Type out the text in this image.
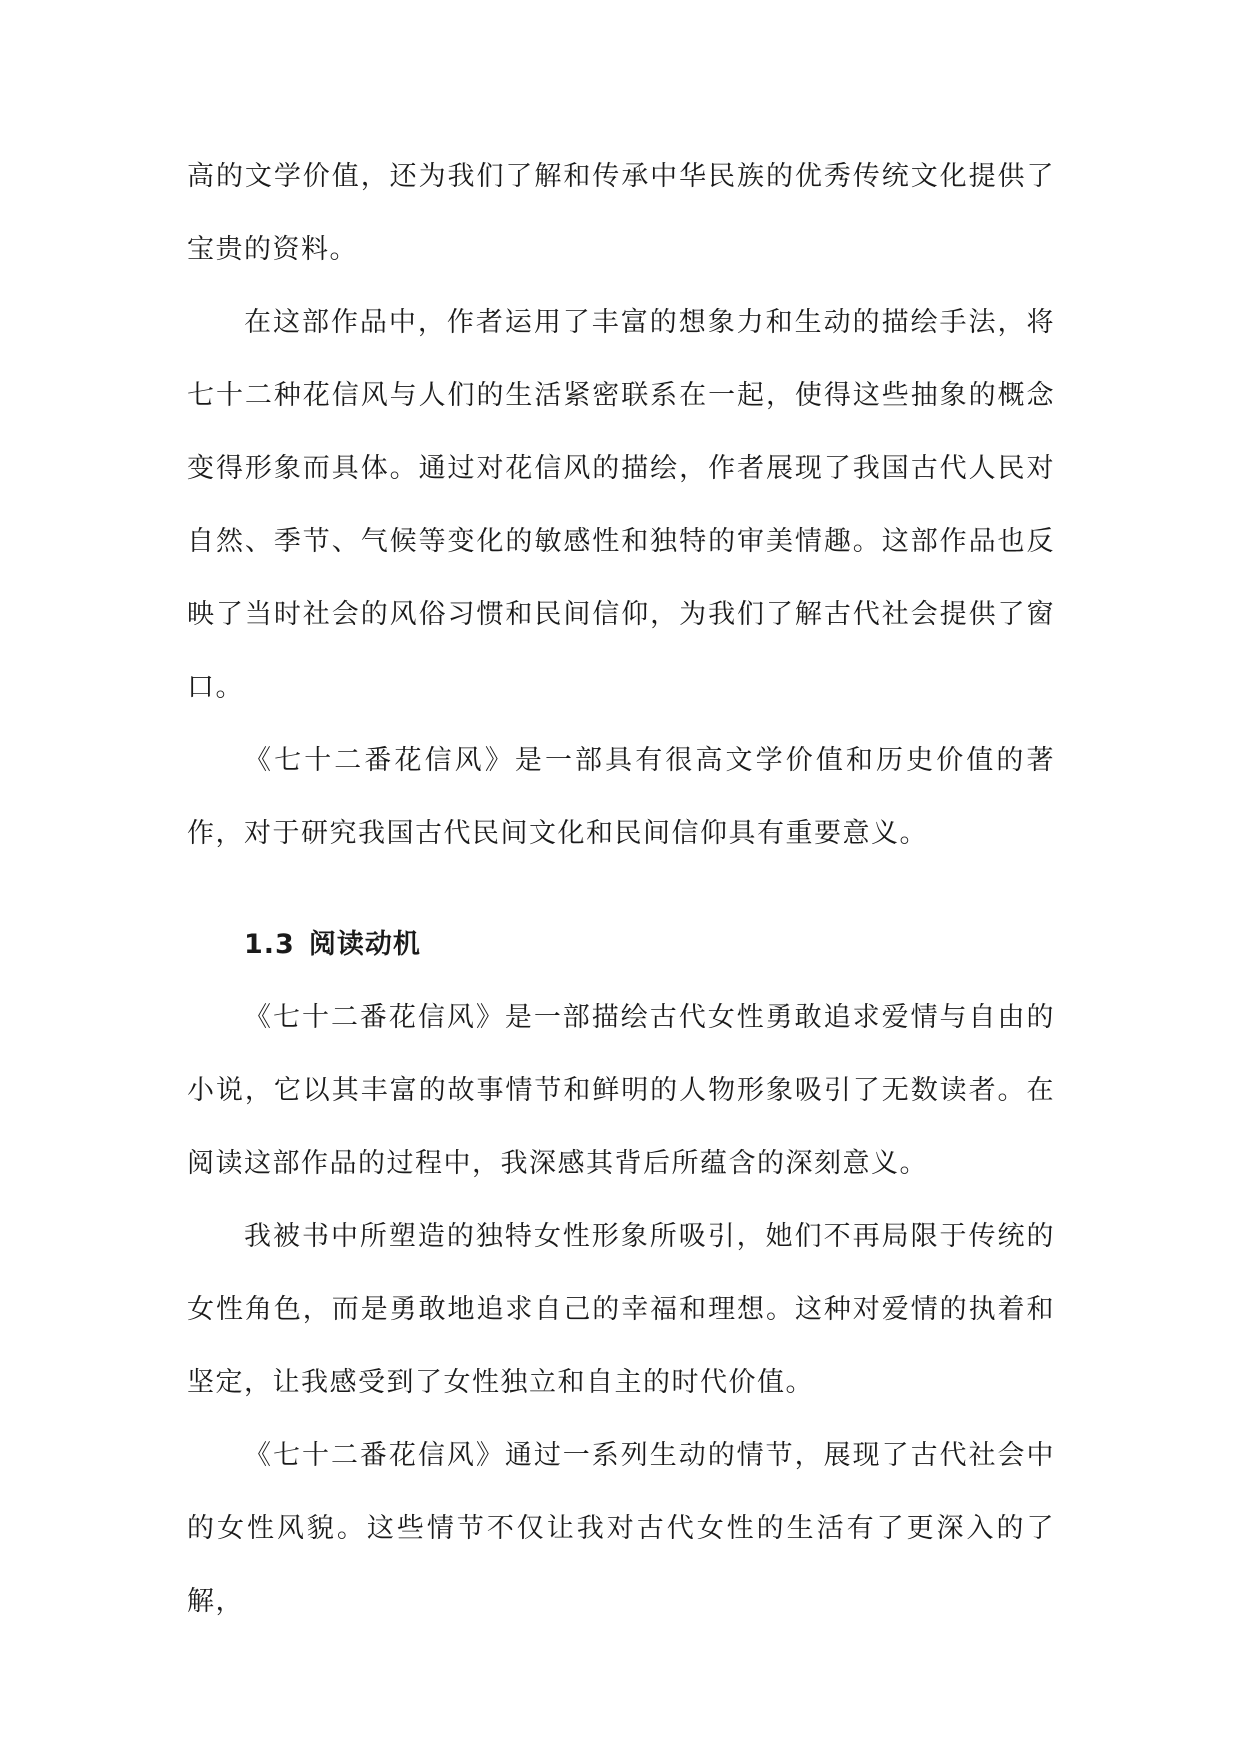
高的文学价值，还为我们了解和传承中华民族的优秀传统文化提供了宝贵的资料。

在这部作品中，作者运用了丰富的想象力和生动的描绘手法，将七十二种花信风与人们的生活紧密联系在一起，使得这些抽象的概念变得形象而具体。通过对花信风的描绘，作者展现了我国古代人民对自然、季节、气候等变化的敏感性和独特的审美情趣。这部作品也反映了当时社会的风俗习惯和民间信仰，为我们了解古代社会提供了窗口。

《七十二番花信风》是一部具有很高文学价值和历史价值的著作，对于研究我国古代民间文化和民间信仰具有重要意义。

1.3 阅读动机

《七十二番花信风》是一部描绘古代女性勇敢追求爱情与自由的小说，它以其丰富的故事情节和鲜明的人物形象吸引了无数读者。在阅读这部作品的过程中，我深感其背后所蕴含的深刻意义。

我被书中所塑造的独特女性形象所吸引，她们不再局限于传统的女性角色，而是勇敢地追求自己的幸福和理想。这种对爱情的执着和坚定，让我感受到了女性独立和自主的时代价值。

《七十二番花信风》通过一系列生动的情节，展现了古代社会中的女性风貌。这些情节不仅让我对古代女性的生活有了更深入的了解，
